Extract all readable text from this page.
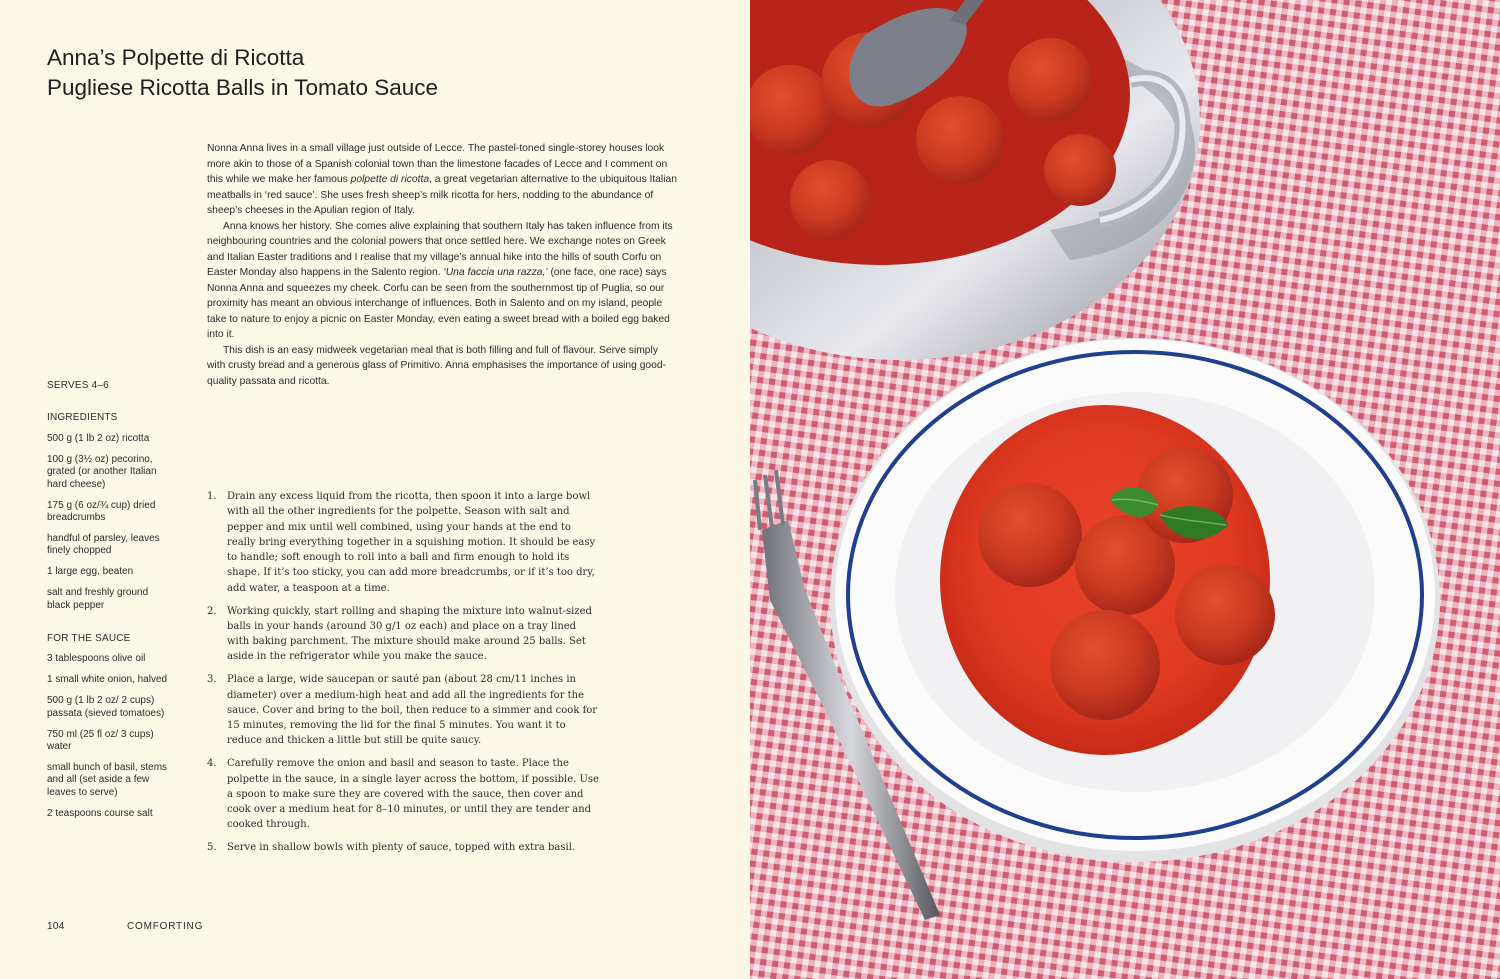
Anna’s Polpette di Ricotta
Pugliese Ricotta Balls in Tomato Sauce

Nonna Anna lives in a small village just outside of Lecce. The pastel-toned single-storey houses look more akin to those of a Spanish colonial town than the limestone facades of Lecce and I comment on this while we make her famous polpette di ricotta, a great vegetarian alternative to the ubiquitous Italian meatballs in ‘red sauce’. She uses fresh sheep’s milk ricotta for hers, nodding to the abundance of sheep’s cheeses in the Apulian region of Italy.

Anna knows her history. She comes alive explaining that southern Italy has taken influence from its neighbouring countries and the colonial powers that once settled here. We exchange notes on Greek and Italian Easter traditions and I realise that my village’s annual hike into the hills of south Corfu on Easter Monday also happens in the Salento region. ‘Una faccia una razza,’ (one face, one race) says Nonna Anna and squeezes my cheek. Corfu can be seen from the southernmost tip of Puglia, so our proximity has meant an obvious interchange of influences. Both in Salento and on my island, people take to nature to enjoy a picnic on Easter Monday, even eating a sweet bread with a boiled egg baked into it.

This dish is an easy midweek vegetarian meal that is both filling and full of flavour. Serve simply with crusty bread and a generous glass of Primitivo. Anna emphasises the importance of using good-quality passata and ricotta.

SERVES 4–6
INGREDIENTS
500 g (1 lb 2 oz) ricotta
100 g (3½ oz) pecorino, grated (or another Italian hard cheese)
175 g (6 oz/¾ cup) dried breadcrumbs
handful of parsley, leaves finely chopped
1 large egg, beaten
salt and freshly ground black pepper
FOR THE SAUCE
3 tablespoons olive oil
1 small white onion, halved
500 g (1 lb 2 oz/ 2 cups) passata (sieved tomatoes)
750 ml (25 fl oz/ 3 cups) water
small bunch of basil, stems and all (set aside a few leaves to serve)
2 teaspoons course salt
1.	Drain any excess liquid from the ricotta, then spoon it into a large bowl with all the other ingredients for the polpette. Season with salt and pepper and mix until well combined, using your hands at the end to really bring everything together in a squishing motion. It should be easy to handle; soft enough to roll into a ball and firm enough to hold its shape. If it’s too sticky, you can add more breadcrumbs, or if it’s too dry, add water, a teaspoon at a time.
2.	Working quickly, start rolling and shaping the mixture into walnut-sized balls in your hands (around 30 g/1 oz each) and place on a tray lined with baking parchment. The mixture should make around 25 balls. Set aside in the refrigerator while you make the sauce.
3.	Place a large, wide saucepan or sauté pan (about 28 cm/11 inches in diameter) over a medium-high heat and add all the ingredients for the sauce. Cover and bring to the boil, then reduce to a simmer and cook for 15 minutes, removing the lid for the final 5 minutes. You want it to reduce and thicken a little but still be quite saucy.
4.	Carefully remove the onion and basil and season to taste. Place the polpette in the sauce, in a single layer across the bottom, if possible. Use a spoon to make sure they are covered with the sauce, then cover and cook over a medium heat for 8–10 minutes, or until they are tender and cooked through.
5.	Serve in shallow bowls with plenty of sauce, topped with extra basil.
104	COMFORTING
